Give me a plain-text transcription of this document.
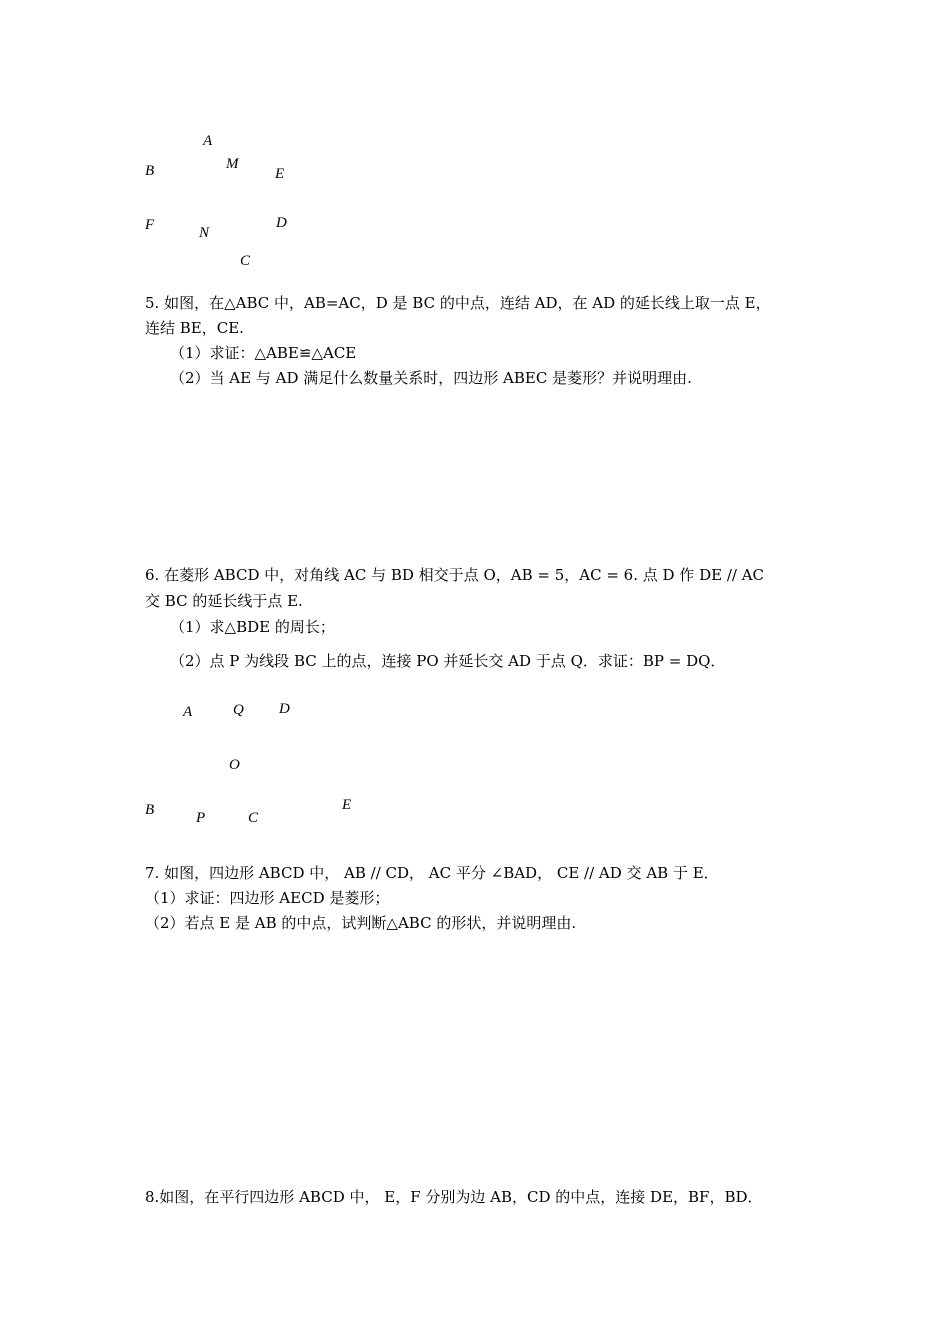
A
M
B	E
F	D
N
C
5. 如图，在△ABC 中，AB=AC，D 是 BC 的中点，连结 AD，在 AD 的延长线上取一点 E，
连结 BE，CE.
（1）求证：△ABE≌△ACE
（2）当 AE 与 AD 满足什么数量关系时，四边形 ABEC 是菱形？并说明理由.
6. 在菱形 ABCD 中，对角线 AC 与 BD 相交于点 O，AB = 5，AC = 6. 点 D 作 DE // AC
交 BC 的延长线于点 E.
（1）求△BDE 的周长；
（2）点 P 为线段 BC 上的点，连接 PO 并延长交 AD 于点 Q．求证：BP = DQ．
A	Q D
O
B	P	C
E
7. 如图，四边形 ABCD 中， AB // CD， AC 平分 ∠BAD， CE // AD 交 AB 于 E．
（1）求证：四边形 AECD 是菱形；
（2）若点 E 是 AB 的中点，试判断△ABC 的形状，并说明理由.
8.如图，在平行四边形 ABCD 中， E，F 分别为边 AB，CD 的中点，连接 DE，BF，BD．
